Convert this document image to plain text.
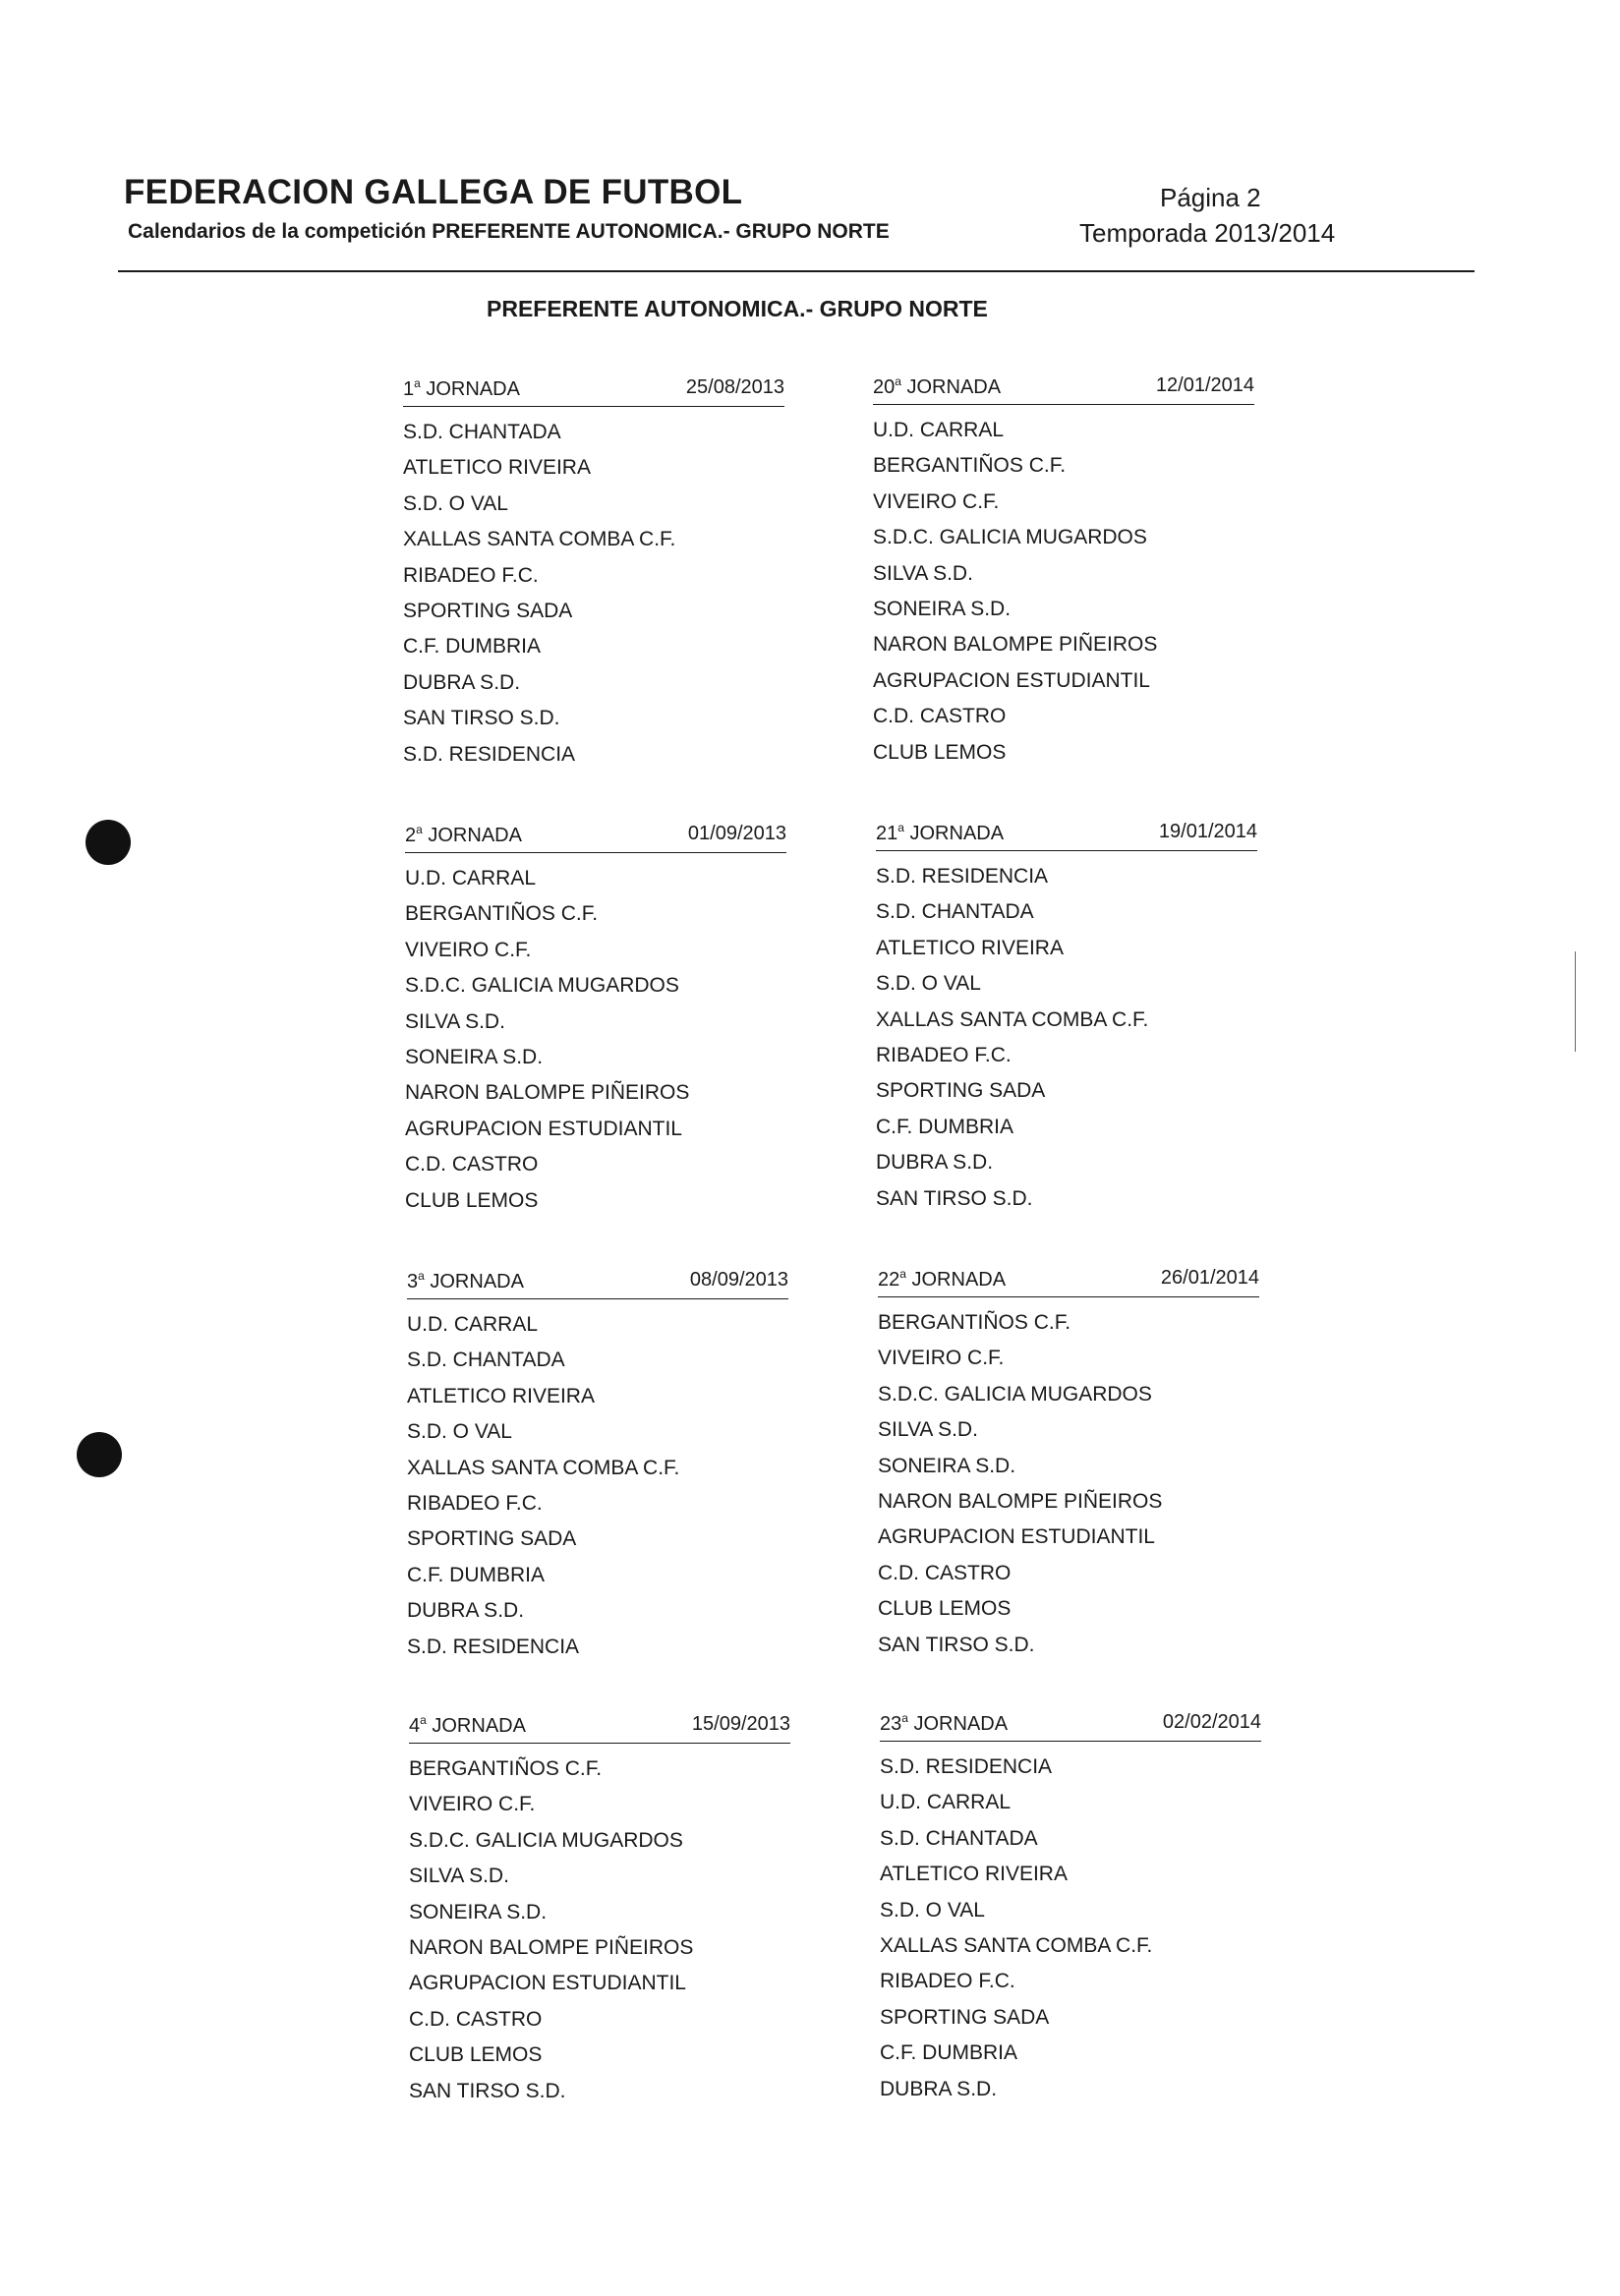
FEDERACION GALLEGA DE FUTBOL
Calendarios de la competición PREFERENTE AUTONOMICA.- GRUPO NORTE
Página 2
Temporada 2013/2014
PREFERENTE AUTONOMICA.- GRUPO NORTE
1$^a$ JORNADA	25/08/2013
S.D. CHANTADA
ATLETICO RIVEIRA
S.D. O VAL
XALLAS SANTA COMBA C.F.
RIBADEO F.C.
SPORTING SADA
C.F. DUMBRIA
DUBRA S.D.
SAN TIRSO S.D.
S.D. RESIDENCIA
20$^a$ JORNADA	12/01/2014
U.D. CARRAL
BERGANTIÑOS C.F.
VIVEIRO C.F.
S.D.C. GALICIA MUGARDOS
SILVA S.D.
SONEIRA S.D.
NARON BALOMPE PIÑEIROS
AGRUPACION ESTUDIANTIL
C.D. CASTRO
CLUB LEMOS
2$^a$ JORNADA	01/09/2013
U.D. CARRAL
BERGANTIÑOS C.F.
VIVEIRO C.F.
S.D.C. GALICIA MUGARDOS
SILVA S.D.
SONEIRA S.D.
NARON BALOMPE PIÑEIROS
AGRUPACION ESTUDIANTIL
C.D. CASTRO
CLUB LEMOS
21$^a$ JORNADA	19/01/2014
S.D. RESIDENCIA
S.D. CHANTADA
ATLETICO RIVEIRA
S.D. O VAL
XALLAS SANTA COMBA C.F.
RIBADEO F.C.
SPORTING SADA
C.F. DUMBRIA
DUBRA S.D.
SAN TIRSO S.D.
3$^a$ JORNADA	08/09/2013
U.D. CARRAL
S.D. CHANTADA
ATLETICO RIVEIRA
S.D. O VAL
XALLAS SANTA COMBA C.F.
RIBADEO F.C.
SPORTING SADA
C.F. DUMBRIA
DUBRA S.D.
S.D. RESIDENCIA
22$^a$ JORNADA	26/01/2014
BERGANTIÑOS C.F.
VIVEIRO C.F.
S.D.C. GALICIA MUGARDOS
SILVA S.D.
SONEIRA S.D.
NARON BALOMPE PIÑEIROS
AGRUPACION ESTUDIANTIL
C.D. CASTRO
CLUB LEMOS
SAN TIRSO S.D.
4$^a$ JORNADA	15/09/2013
BERGANTIÑOS C.F.
VIVEIRO C.F.
S.D.C. GALICIA MUGARDOS
SILVA S.D.
SONEIRA S.D.
NARON BALOMPE PIÑEIROS
AGRUPACION ESTUDIANTIL
C.D. CASTRO
CLUB LEMOS
SAN TIRSO S.D.
23$^a$ JORNADA	02/02/2014
S.D. RESIDENCIA
U.D. CARRAL
S.D. CHANTADA
ATLETICO RIVEIRA
S.D. O VAL
XALLAS SANTA COMBA C.F.
RIBADEO F.C.
SPORTING SADA
C.F. DUMBRIA
DUBRA S.D.
